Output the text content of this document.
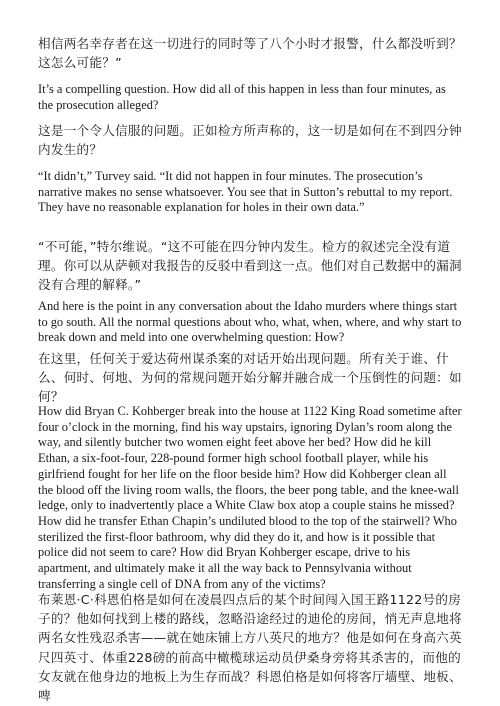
相信两名幸存者在这一切进行的同时等了八个小时才报警，什么都没听到？这怎么可能？”

It’s a compelling question. How did all of this happen in less than four minutes, as the prosecution alleged?

这是一个令人信服的问题。正如检方所声称的，这一切是如何在不到四分钟内发生的？

“It didn’t,” Turvey said. “It did not happen in four minutes. The prosecution’s narrative makes no sense whatsoever. You see that in Sutton’s rebuttal to my report. They have no reasonable explanation for holes in their own data.”

“不可能，”特尔维说。“这不可能在四分钟内发生。检方的叙述完全没有道理。你可以从萨顿对我报告的反驳中看到这一点。他们对自己数据中的漏洞没有合理的解释。”

And here is the point in any conversation about the Idaho murders where things start to go south. All the normal questions about who, what, when, where, and why start to break down and meld into one overwhelming question: How?

在这里，任何关于爱达荷州谋杀案的对话开始出现问题。所有关于谁、什么、何时、何地、为何的常规问题开始分解并融合成一个压倒性的问题：如何？

How did Bryan C. Kohberger break into the house at 1122 King Road sometime after four o’clock in the morning, find his way upstairs, ignoring Dylan’s room along the way, and silently butcher two women eight feet above her bed? How did he kill Ethan, a six-foot-four, 228-pound former high school football player, while his girlfriend fought for her life on the floor beside him? How did Kohberger clean all the blood off the living room walls, the floors, the beer pong table, and the knee-wall ledge, only to inadvertently place a White Claw box atop a couple stains he missed? How did he transfer Ethan Chapin’s undiluted blood to the top of the stairwell? Who sterilized the first-floor bathroom, why did they do it, and how is it possible that police did not seem to care? How did Bryan Kohberger escape, drive to his apartment, and ultimately make it all the way back to Pennsylvania without transferring a single cell of DNA from any of the victims?

布莱恩·C·科恩伯格是如何在凌晨四点后的某个时间闯入国王路1122号的房子的？他如何找到上楼的路线，忽略沿途经过的迪伦的房间，悄无声息地将两名女性残忍杀害——就在她床铺上方八英尺的地方？他是如何在身高六英尺四英寸、体重228磅的前高中橄榄球运动员伊桑身旁将其杀害的，而他的女友就在他身边的地板上为生存而战？科恩伯格是如何将客厅墙壁、地板、啤
